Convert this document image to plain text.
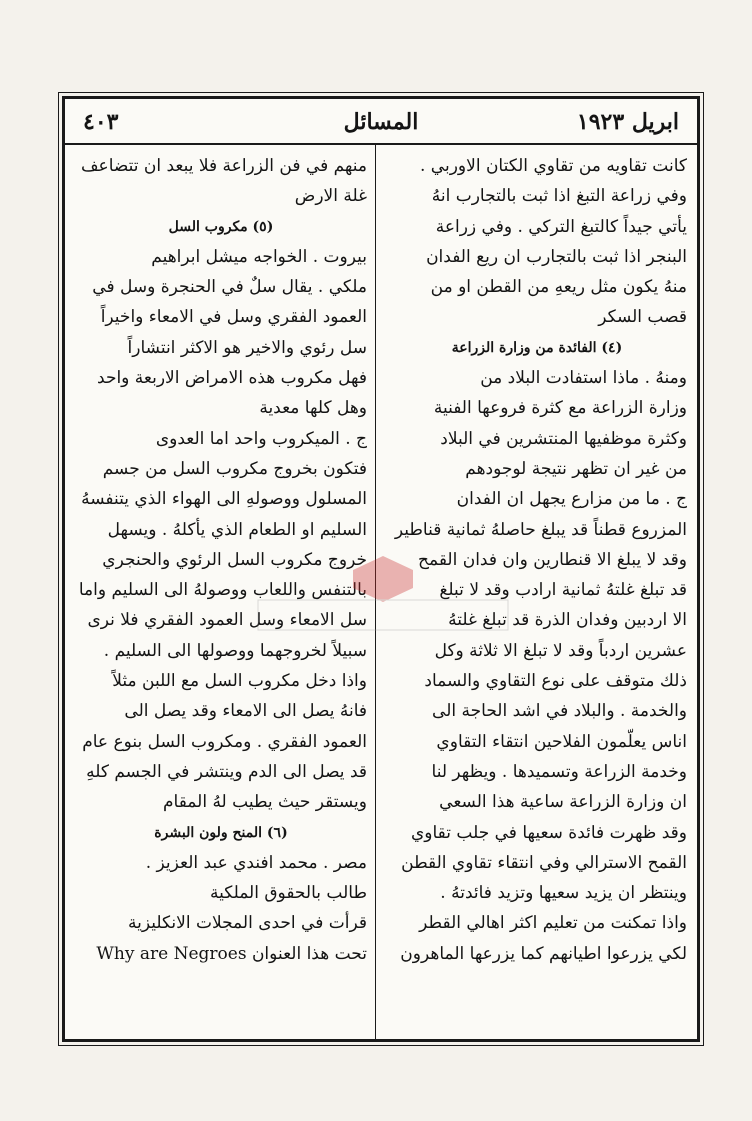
ابريل ١٩٢٣
المسائل
٤٠٣
كانت تقاويه من تقاوي الكتان الاوربي .
وفي زراعة التبغ اذا ثبت بالتجارب انهُ
يأتي جيداً كالتبغ التركي . وفي زراعة
البنجر اذا ثبت بالتجارب ان ريع الفدان
منهُ يكون مثل ريعهِ من القطن او من
قصب السكر
(٤) الفائدة من وزارة الزراعة
ومنهُ . ماذا استفادت البلاد من
وزارة الزراعة مع كثرة فروعها الفنية
وكثرة موظفيها المنتشرين في البلاد
من غير ان تظهر نتيجة لوجودهم
ج . ما من مزارع يجهل ان الفدان
المزروع قطناً قد يبلغ حاصلهُ ثمانية قناطير
وقد لا يبلغ الا قنطارين وان فدان القمح
قد تبلغ غلتهُ ثمانية ارادب وقد لا تبلغ
الا اردبين وفدان الذرة قد تبلغ غلتهُ
عشرين اردباً وقد لا تبلغ الا ثلاثة وكل
ذلك متوقف على نوع التقاوي والسماد
والخدمة . والبلاد في اشد الحاجة الى
اناس يعلّمون الفلاحين انتقاء التقاوي
وخدمة الزراعة وتسميدها . ويظهر لنا
ان وزارة الزراعة ساعية هذا السعي
وقد ظهرت فائدة سعيها في جلب تقاوي
القمح الاسترالي وفي انتقاء تقاوي القطن
وينتظر ان يزيد سعيها وتزيد فائدتهُ .
واذا تمكنت من تعليم اكثر اهالي القطر
لكي يزرعوا اطيانهم كما يزرعها الماهرون
منهم في فن الزراعة فلا يبعد ان تتضاعف
غلة الارض
(٥) مكروب السل
بيروت . الخواجه ميشل ابراهيم
ملكي . يقال سلٌ في الحنجرة وسل في
العمود الفقري وسل في الامعاء واخيراً
سل رئوي والاخير هو الاكثر انتشاراً
فهل مكروب هذه الامراض الاربعة واحد
وهل كلها معدية
ج . الميكروب واحد اما العدوى
فتكون بخروج مكروب السل من جسم
المسلول ووصولهِ الى الهواء الذي يتنفسهُ
السليم او الطعام الذي يأكلهُ . ويسهل
خروج مكروب السل الرئوي والحنجري
بالتنفس واللعاب ووصولهُ الى السليم واما
سل الامعاء وسل العمود الفقري فلا نرى
سبيلاً لخروجهما ووصولها الى السليم .
واذا دخل مكروب السل مع اللبن مثلاً
فانهُ يصل الى الامعاء وقد يصل الى
العمود الفقري . ومكروب السل بنوع عام
قد يصل الى الدم وينتشر في الجسم كلهِ
ويستقر حيث يطيب لهُ المقام
(٦) المنح ولون البشرة
مصر . محمد افندي عبد العزيز .
طالب بالحقوق الملكية
قرأت في احدى المجلات الانكليزية
تحت هذا العنوان Why are Negroes
